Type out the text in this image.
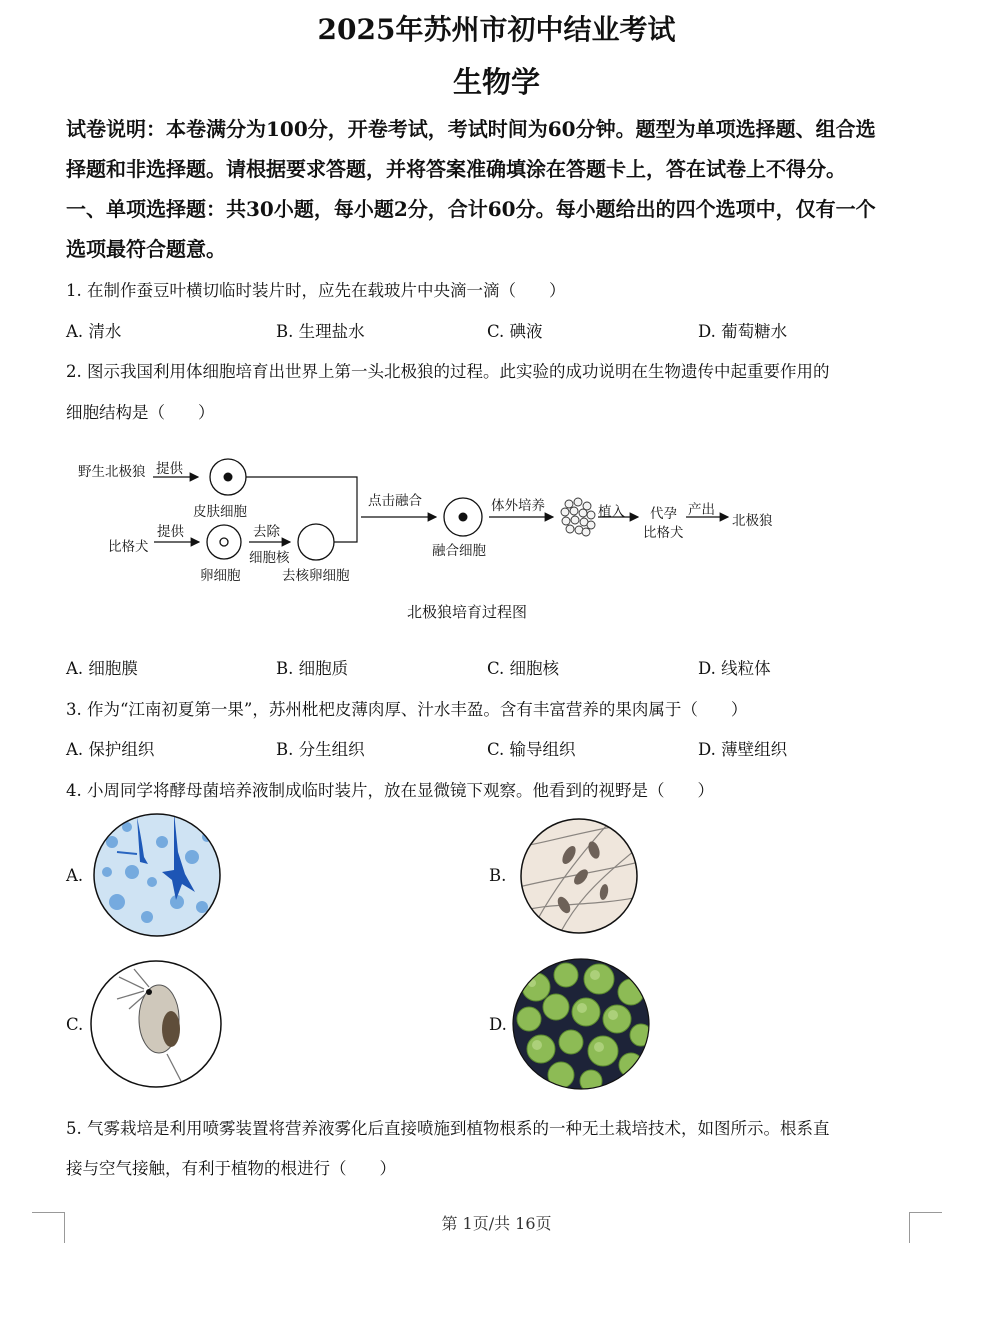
2025年苏州市初中结业考试
生物学
试卷说明：本卷满分为100分，开卷考试，考试时间为60分钟。题型为单项选择题、组合选
择题和非选择题。请根据要求答题，并将答案准确填涂在答题卡上，答在试卷上不得分。
一、单项选择题：共30小题，每小题2分，合计60分。每小题给出的四个选项中，仅有一个
选项最符合题意。
1. 在制作蚕豆叶横切临时装片时，应先在载玻片中央滴一滴（　　）
A. 清水	B. 生理盐水	C. 碘液	D. 葡萄糖水
2. 图示我国利用体细胞培育出世界上第一头北极狼的过程。此实验的成功说明在生物遗传中起重要作用的
细胞结构是（　　）
野生北极狼 提供
皮肤细胞
比格犬
提供
卵细胞
去除
细胞核
去核卵细胞
点击融合
融合细胞
体外培养	植入 代孕
比格犬
产出
北极狼
北极狼培育过程图
A. 细胞膜	B. 细胞质	C. 细胞核	D. 线粒体
3. 作为“江南初夏第一果”，苏州枇杷皮薄肉厚、汁水丰盈。含有丰富营养的果肉属于（　　）
A. 保护组织	B. 分生组织	C. 输导组织	D. 薄壁组织
4. 小周同学将酵母菌培养液制成临时装片，放在显微镜下观察。他看到的视野是（　　）
A.	B.
C.	D.
5. 气雾栽培是利用喷雾装置将营养液雾化后直接喷施到植物根系的一种无土栽培技术，如图所示。根系直
接与空气接触，有利于植物的根进行（　　）
第 1页/共 16页
